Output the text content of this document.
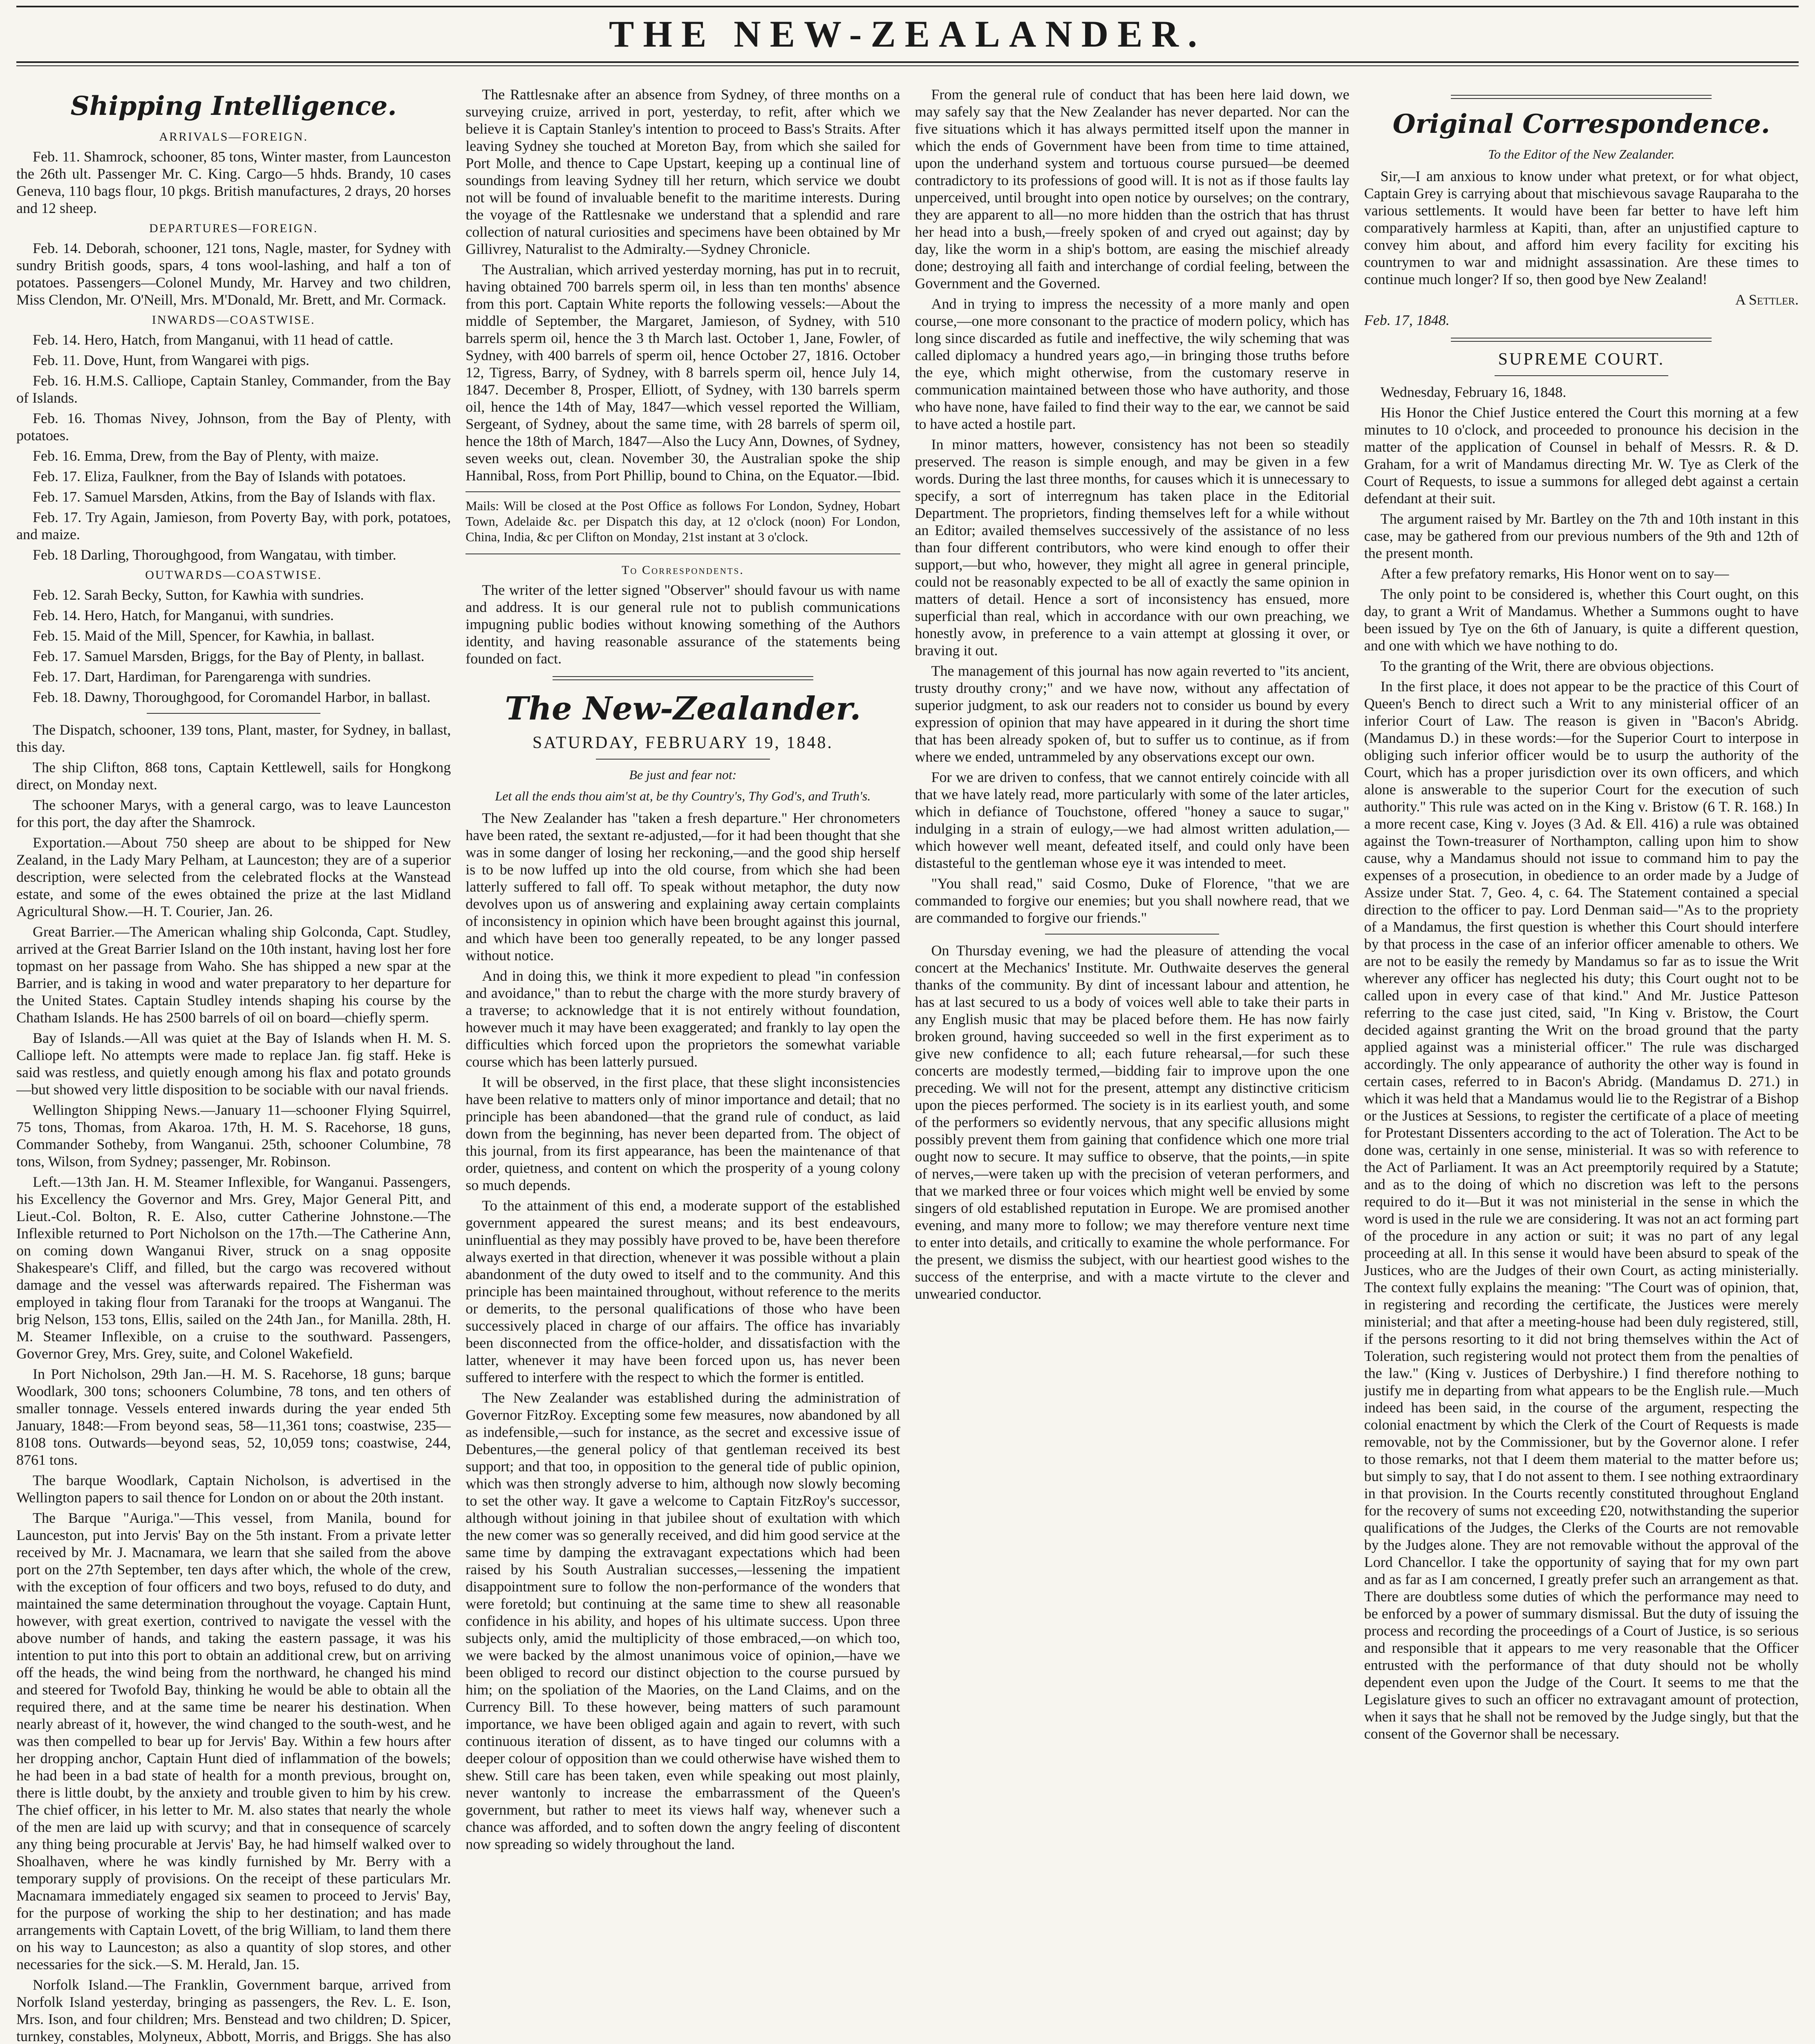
THE NEW-ZEALANDER.
Shipping Intelligence.
ARRIVALS—FOREIGN.

Feb. 11. Shamrock, schooner, 85 tons, Winter master, from Launceston the 26th ult. Passenger Mr. C. King. Cargo—5 hhds. Brandy, 10 cases Geneva, 110 bags flour, 10 pkgs. British manufactures, 2 drays, 20 horses and 12 sheep.

DEPARTURES—FOREIGN.

Feb. 14. Deborah, schooner, 121 tons, Nagle, master, for Sydney with sundry British goods, spars, 4 tons wool-lashing, and half a ton of potatoes. Passengers—Colonel Mundy, Mr. Harvey and two children, Miss Clendon, Mr. O'Neill, Mrs. M'Donald, Mr. Brett, and Mr. Cormack.

INWARDS—COASTWISE.

Feb. 14. Hero, Hatch, from Manganui, with 11 head of cattle.

Feb. 11. Dove, Hunt, from Wangarei with pigs.

Feb. 16. H.M.S. Calliope, Captain Stanley, Commander, from the Bay of Islands.

Feb. 16. Thomas Nivey, Johnson, from the Bay of Plenty, with potatoes.

Feb. 16. Emma, Drew, from the Bay of Plenty, with maize.

Feb. 17. Eliza, Faulkner, from the Bay of Islands with potatoes.

Feb. 17. Samuel Marsden, Atkins, from the Bay of Islands with flax.

Feb. 17. Try Again, Jamieson, from Poverty Bay, with pork, potatoes, and maize.

Feb. 18 Darling, Thoroughgood, from Wangatau, with timber.

OUTWARDS—COASTWISE.

Feb. 12. Sarah Becky, Sutton, for Kawhia with sundries.

Feb. 14. Hero, Hatch, for Manganui, with sundries.

Feb. 15. Maid of the Mill, Spencer, for Kawhia, in ballast.

Feb. 17. Samuel Marsden, Briggs, for the Bay of Plenty, in ballast.

Feb. 17. Dart, Hardiman, for Parengarenga with sundries.

Feb. 18. Dawny, Thoroughgood, for Coromandel Harbor, in ballast.

The Dispatch, schooner, 139 tons, Plant, master, for Sydney, in ballast, this day.

The ship Clifton, 868 tons, Captain Kettlewell, sails for Hongkong direct, on Monday next.

The schooner Marys, with a general cargo, was to leave Launceston for this port, the day after the Shamrock.

Exportation.—About 750 sheep are about to be shipped for New Zealand, in the Lady Mary Pelham, at Launceston; they are of a superior description, were selected from the celebrated flocks at the Wanstead estate, and some of the ewes obtained the prize at the last Midland Agricultural Show.—H. T. Courier, Jan. 26.

Great Barrier.—The American whaling ship Golconda, Capt. Studley, arrived at the Great Barrier Island on the 10th instant, having lost her fore topmast on her passage from Waho. She has shipped a new spar at the Barrier, and is taking in wood and water preparatory to her departure for the United States. Captain Studley intends shaping his course by the Chatham Islands. He has 2500 barrels of oil on board—chiefly sperm.

Bay of Islands.—All was quiet at the Bay of Islands when H. M. S. Calliope left. No attempts were made to replace Jan. fig staff. Heke is said was restless, and quietly enough among his flax and potato grounds—but showed very little disposition to be sociable with our naval friends.

Wellington Shipping News.—January 11—schooner Flying Squirrel, 75 tons, Thomas, from Akaroa. 17th, H. M. S. Racehorse, 18 guns, Commander Sotheby, from Wanganui. 25th, schooner Columbine, 78 tons, Wilson, from Sydney; passenger, Mr. Robinson.

Left.—13th Jan. H. M. Steamer Inflexible, for Wanganui. Passengers, his Excellency the Governor and Mrs. Grey, Major General Pitt, and Lieut.-Col. Bolton, R. E. Also, cutter Catherine Johnstone.—The Inflexible returned to Port Nicholson on the 17th.—The Catherine Ann, on coming down Wanganui River, struck on a snag opposite Shakespeare's Cliff, and filled, but the cargo was recovered without damage and the vessel was afterwards repaired. The Fisherman was employed in taking flour from Taranaki for the troops at Wanganui. The brig Nelson, 153 tons, Ellis, sailed on the 24th Jan., for Manilla. 28th, H. M. Steamer Inflexible, on a cruise to the southward. Passengers, Governor Grey, Mrs. Grey, suite, and Colonel Wakefield.

In Port Nicholson, 29th Jan.—H. M. S. Racehorse, 18 guns; barque Woodlark, 300 tons; schooners Columbine, 78 tons, and ten others of smaller tonnage. Vessels entered inwards during the year ended 5th January, 1848:—From beyond seas, 58—11,361 tons; coastwise, 235—8108 tons. Outwards—beyond seas, 52, 10,059 tons; coastwise, 244, 8761 tons.

The barque Woodlark, Captain Nicholson, is advertised in the Wellington papers to sail thence for London on or about the 20th instant.

The Barque "Auriga."—This vessel, from Manila, bound for Launceston, put into Jervis' Bay on the 5th instant. From a private letter received by Mr. J. Macnamara, we learn that she sailed from the above port on the 27th September, ten days after which, the whole of the crew, with the exception of four officers and two boys, refused to do duty, and maintained the same determination throughout the voyage. Captain Hunt, however, with great exertion, contrived to navigate the vessel with the above number of hands, and taking the eastern passage, it was his intention to put into this port to obtain an additional crew, but on arriving off the heads, the wind being from the northward, he changed his mind and steered for Twofold Bay, thinking he would be able to obtain all the required there, and at the same time be nearer his destination. When nearly abreast of it, however, the wind changed to the south-west, and he was then compelled to bear up for Jervis' Bay. Within a few hours after her dropping anchor, Captain Hunt died of inflammation of the bowels; he had been in a bad state of health for a month previous, brought on, there is little doubt, by the anxiety and trouble given to him by his crew. The chief officer, in his letter to Mr. M. also states that nearly the whole of the men are laid up with scurvy; and that in consequence of scarcely any thing being procurable at Jervis' Bay, he had himself walked over to Shoalhaven, where he was kindly furnished by Mr. Berry with a temporary supply of provisions. On the receipt of these particulars Mr. Macnamara immediately engaged six seamen to proceed to Jervis' Bay, for the purpose of working the ship to her destination; and has made arrangements with Captain Lovett, of the brig William, to land them there on his way to Launceston; as also a quantity of slop stores, and other necessaries for the sick.—S. M. Herald, Jan. 15.

Norfolk Island.—The Franklin, Government barque, arrived from Norfolk Island yesterday, bringing as passengers, the Rev. L. E. Ison, Mrs. Ison, and four children; Mrs. Benstead and two children; D. Spicer, turnkey, constables, Molyneux, Abbott, Morris, and Briggs. She has also

The Rattlesnake after an absence from Sydney, of three months on a surveying cruize, arrived in port, yesterday, to refit, after which we believe it is Captain Stanley's intention to proceed to Bass's Straits. After leaving Sydney she touched at Moreton Bay, from which she sailed for Port Molle, and thence to Cape Upstart, keeping up a continual line of soundings from leaving Sydney till her return, which service we doubt not will be found of invaluable benefit to the maritime interests. During the voyage of the Rattlesnake we understand that a splendid and rare collection of natural curiosities and specimens have been obtained by Mr Gillivrey, Naturalist to the Admiralty.—Sydney Chronicle.

The Australian, which arrived yesterday morning, has put in to recruit, having obtained 700 barrels sperm oil, in less than ten months' absence from this port. Captain White reports the following vessels:—About the middle of September, the Margaret, Jamieson, of Sydney, with 510 barrels sperm oil, hence the 3 th March last. October 1, Jane, Fowler, of Sydney, with 400 barrels of sperm oil, hence October 27, 1816. October 12, Tigress, Barry, of Sydney, with 8 barrels sperm oil, hence July 14, 1847. December 8, Prosper, Elliott, of Sydney, with 130 barrels sperm oil, hence the 14th of May, 1847—which vessel reported the William, Sergeant, of Sydney, about the same time, with 28 barrels of sperm oil, hence the 18th of March, 1847—Also the Lucy Ann, Downes, of Sydney, seven weeks out, clean. November 30, the Australian spoke the ship Hannibal, Ross, from Port Phillip, bound to China, on the Equator.—Ibid.

Mails: Will be closed at the Post Office as follows For London, Sydney, Hobart Town, Adelaide &c. per Dispatch this day, at 12 o'clock (noon) For London, China, India, &c per Clifton on Monday, 21st instant at 3 o'clock.

To Correspondents.

The writer of the letter signed "Observer" should favour us with name and address. It is our general rule not to publish communications impugning public bodies without knowing something of the Authors identity, and having reasonable assurance of the statements being founded on fact.

The New-Zealander.
SATURDAY, FEBRUARY 19, 1848.
Be just and fear not:
Let all the ends thou aim'st at, be thy Country's, Thy God's, and Truth's.

The New Zealander has "taken a fresh departure." Her chronometers have been rated, the sextant re-adjusted,—for it had been thought that she was in some danger of losing her reckoning,—and the good ship herself is to be now luffed up into the old course, from which she had been latterly suffered to fall off. To speak without metaphor, the duty now devolves upon us of answering and explaining away certain complaints of inconsistency in opinion which have been brought against this journal, and which have been too generally repeated, to be any longer passed without notice.

And in doing this, we think it more expedient to plead "in confession and avoidance," than to rebut the charge with the more sturdy bravery of a traverse; to acknowledge that it is not entirely without foundation, however much it may have been exaggerated; and frankly to lay open the difficulties which forced upon the proprietors the somewhat variable course which has been latterly pursued.

It will be observed, in the first place, that these slight inconsistencies have been relative to matters only of minor importance and detail; that no principle has been abandoned—that the grand rule of conduct, as laid down from the beginning, has never been departed from. The object of this journal, from its first appearance, has been the maintenance of that order, quietness, and content on which the prosperity of a young colony so much depends.

To the attainment of this end, a moderate support of the established government appeared the surest means; and its best endeavours, uninfluential as they may possibly have proved to be, have been therefore always exerted in that direction, whenever it was possible without a plain abandonment of the duty owed to itself and to the community. And this principle has been maintained throughout, without reference to the merits or demerits, to the personal qualifications of those who have been successively placed in charge of our affairs. The office has invariably been disconnected from the office-holder, and dissatisfaction with the latter, whenever it may have been forced upon us, has never been suffered to interfere with the respect to which the former is entitled.

The New Zealander was established during the administration of Governor FitzRoy. Excepting some few measures, now abandoned by all as indefensible,—such for instance, as the secret and excessive issue of Debentures,—the general policy of that gentleman received its best support; and that too, in opposition to the general tide of public opinion, which was then strongly adverse to him, although now slowly becoming to set the other way. It gave a welcome to Captain FitzRoy's successor, although without joining in that jubilee shout of exultation with which the new comer was so generally received, and did him good service at the same time by damping the extravagant expectations which had been raised by his South Australian successes,—lessening the impatient disappointment sure to follow the non-performance of the wonders that were foretold; but continuing at the same time to shew all reasonable confidence in his ability, and hopes of his ultimate success. Upon three subjects only, amid the multiplicity of those embraced,—on which too, we were backed by the almost unanimous voice of opinion,—have we been obliged to record our distinct objection to the course pursued by him; on the spoliation of the Maories, on the Land Claims, and on the Currency Bill. To these however, being matters of such paramount importance, we have been obliged again and again to revert, with such continuous iteration of dissent, as to have tinged our columns with a deeper colour of opposition than we could otherwise have wished them to shew. Still care has been taken, even while speaking out most plainly, never wantonly to increase the embarrassment of the Queen's government, but rather to meet its views half way, whenever such a chance was afforded, and to soften down the angry feeling of discontent now spreading so widely throughout the land.

From the general rule of conduct that has been here laid down, we may safely say that the New Zealander has never departed. Nor can the five situations which it has always permitted itself upon the manner in which the ends of Government have been from time to time attained, upon the underhand system and tortuous course pursued—be deemed contradictory to its professions of good will. It is not as if those faults lay unperceived, until brought into open notice by ourselves; on the contrary, they are apparent to all—no more hidden than the ostrich that has thrust her head into a bush,—freely spoken of and cryed out against; day by day, like the worm in a ship's bottom, are easing the mischief already done; destroying all faith and interchange of cordial feeling, between the Government and the Governed.

And in trying to impress the necessity of a more manly and open course,—one more consonant to the practice of modern policy, which has long since discarded as futile and ineffective, the wily scheming that was called diplomacy a hundred years ago,—in bringing those truths before the eye, which might otherwise, from the customary reserve in communication maintained between those who have authority, and those who have none, have failed to find their way to the ear, we cannot be said to have acted a hostile part.

In minor matters, however, consistency has not been so steadily preserved. The reason is simple enough, and may be given in a few words. During the last three months, for causes which it is unnecessary to specify, a sort of interregnum has taken place in the Editorial Department. The proprietors, finding themselves left for a while without an Editor; availed themselves successively of the assistance of no less than four different contributors, who were kind enough to offer their support,—but who, however, they might all agree in general principle, could not be reasonably expected to be all of exactly the same opinion in matters of detail. Hence a sort of inconsistency has ensued, more superficial than real, which in accordance with our own preaching, we honestly avow, in preference to a vain attempt at glossing it over, or braving it out.

The management of this journal has now again reverted to "its ancient, trusty drouthy crony;" and we have now, without any affectation of superior judgment, to ask our readers not to consider us bound by every expression of opinion that may have appeared in it during the short time that has been already spoken of, but to suffer us to continue, as if from where we ended, untrammeled by any observations except our own.

For we are driven to confess, that we cannot entirely coincide with all that we have lately read, more particularly with some of the later articles, which in defiance of Touchstone, offered "honey a sauce to sugar," indulging in a strain of eulogy,—we had almost written adulation,—which however well meant, defeated itself, and could only have been distasteful to the gentleman whose eye it was intended to meet.

"You shall read," said Cosmo, Duke of Florence, "that we are commanded to forgive our enemies; but you shall nowhere read, that we are commanded to forgive our friends."

On Thursday evening, we had the pleasure of attending the vocal concert at the Mechanics' Institute. Mr. Outhwaite deserves the general thanks of the community. By dint of incessant labour and attention, he has at last secured to us a body of voices well able to take their parts in any English music that may be placed before them. He has now fairly broken ground, having succeeded so well in the first experiment as to give new confidence to all; each future rehearsal,—for such these concerts are modestly termed,—bidding fair to improve upon the one preceding. We will not for the present, attempt any distinctive criticism upon the pieces performed. The society is in its earliest youth, and some of the performers so evidently nervous, that any specific allusions might possibly prevent them from gaining that confidence which one more trial ought now to secure. It may suffice to observe, that the points,—in spite of nerves,—were taken up with the precision of veteran performers, and that we marked three or four voices which might well be envied by some singers of old established reputation in Europe. We are promised another evening, and many more to follow; we may therefore venture next time to enter into details, and critically to examine the whole performance. For the present, we dismiss the subject, with our heartiest good wishes to the success of the enterprise, and with a macte virtute to the clever and unwearied conductor.

Original Correspondence.
To the Editor of the New Zealander.

Sir,—I am anxious to know under what pretext, or for what object, Captain Grey is carrying about that mischievous savage Rauparaha to the various settlements. It would have been far better to have left him comparatively harmless at Kapiti, than, after an unjustified capture to convey him about, and afford him every facility for exciting his countrymen to war and midnight assassination. Are these times to continue much longer? If so, then good bye New Zealand!

A Settler.

Feb. 17, 1848.

SUPREME COURT.

Wednesday, February 16, 1848.

His Honor the Chief Justice entered the Court this morning at a few minutes to 10 o'clock, and proceeded to pronounce his decision in the matter of the application of Counsel in behalf of Messrs. R. & D. Graham, for a writ of Mandamus directing Mr. W. Tye as Clerk of the Court of Requests, to issue a summons for alleged debt against a certain defendant at their suit.

The argument raised by Mr. Bartley on the 7th and 10th instant in this case, may be gathered from our previous numbers of the 9th and 12th of the present month.

After a few prefatory remarks, His Honor went on to say—

The only point to be considered is, whether this Court ought, on this day, to grant a Writ of Mandamus. Whether a Summons ought to have been issued by Tye on the 6th of January, is quite a different question, and one with which we have nothing to do.

To the granting of the Writ, there are obvious objections.

In the first place, it does not appear to be the practice of this Court of Queen's Bench to direct such a Writ to any ministerial officer of an inferior Court of Law. The reason is given in "Bacon's Abridg. (Mandamus D.) in these words:—for the Superior Court to interpose in obliging such inferior officer would be to usurp the authority of the Court, which has a proper jurisdiction over its own officers, and which alone is answerable to the superior Court for the execution of such authority." This rule was acted on in the King v. Bristow (6 T. R. 168.) In a more recent case, King v. Joyes (3 Ad. & Ell. 416) a rule was obtained against the Town-treasurer of Northampton, calling upon him to show cause, why a Mandamus should not issue to command him to pay the expenses of a prosecution, in obedience to an order made by a Judge of Assize under Stat. 7, Geo. 4, c. 64. The Statement contained a special direction to the officer to pay. Lord Denman said—"As to the propriety of a Mandamus, the first question is whether this Court should interfere by that process in the case of an inferior officer amenable to others. We are not to be easily the remedy by Mandamus so far as to issue the Writ wherever any officer has neglected his duty; this Court ought not to be called upon in every case of that kind." And Mr. Justice Patteson referring to the case just cited, said, "In King v. Bristow, the Court decided against granting the Writ on the broad ground that the party applied against was a ministerial officer." The rule was discharged accordingly. The only appearance of authority the other way is found in certain cases, referred to in Bacon's Abridg. (Mandamus D. 271.) in which it was held that a Mandamus would lie to the Registrar of a Bishop or the Justices at Sessions, to register the certificate of a place of meeting for Protestant Dissenters according to the act of Toleration. The Act to be done was, certainly in one sense, ministerial. It was so with reference to the Act of Parliament. It was an Act preemptorily required by a Statute; and as to the doing of which no discretion was left to the persons required to do it—But it was not ministerial in the sense in which the word is used in the rule we are considering. It was not an act forming part of the procedure in any action or suit; it was no part of any legal proceeding at all. In this sense it would have been absurd to speak of the Justices, who are the Judges of their own Court, as acting ministerially. The context fully explains the meaning: "The Court was of opinion, that, in registering and recording the certificate, the Justices were merely ministerial; and that after a meeting-house had been duly registered, still, if the persons resorting to it did not bring themselves within the Act of Toleration, such registering would not protect them from the penalties of the law." (King v. Justices of Derbyshire.) I find therefore nothing to justify me in departing from what appears to be the English rule.—Much indeed has been said, in the course of the argument, respecting the colonial enactment by which the Clerk of the Court of Requests is made removable, not by the Commissioner, but by the Governor alone. I refer to those remarks, not that I deem them material to the matter before us; but simply to say, that I do not assent to them. I see nothing extraordinary in that provision. In the Courts recently constituted throughout England for the recovery of sums not exceeding £20, notwithstanding the superior qualifications of the Judges, the Clerks of the Courts are not removable by the Judges alone. They are not removable without the approval of the Lord Chancellor. I take the opportunity of saying that for my own part and as far as I am concerned, I greatly prefer such an arrangement as that. There are doubtless some duties of which the performance may need to be enforced by a power of summary dismissal. But the duty of issuing the process and recording the proceedings of a Court of Justice, is so serious and responsible that it appears to me very reasonable that the Officer entrusted with the performance of that duty should not be wholly dependent even upon the Judge of the Court. It seems to me that the Legislature gives to such an officer no extravagant amount of protection, when it says that he shall not be removed by the Judge singly, but that the consent of the Governor shall be necessary.
